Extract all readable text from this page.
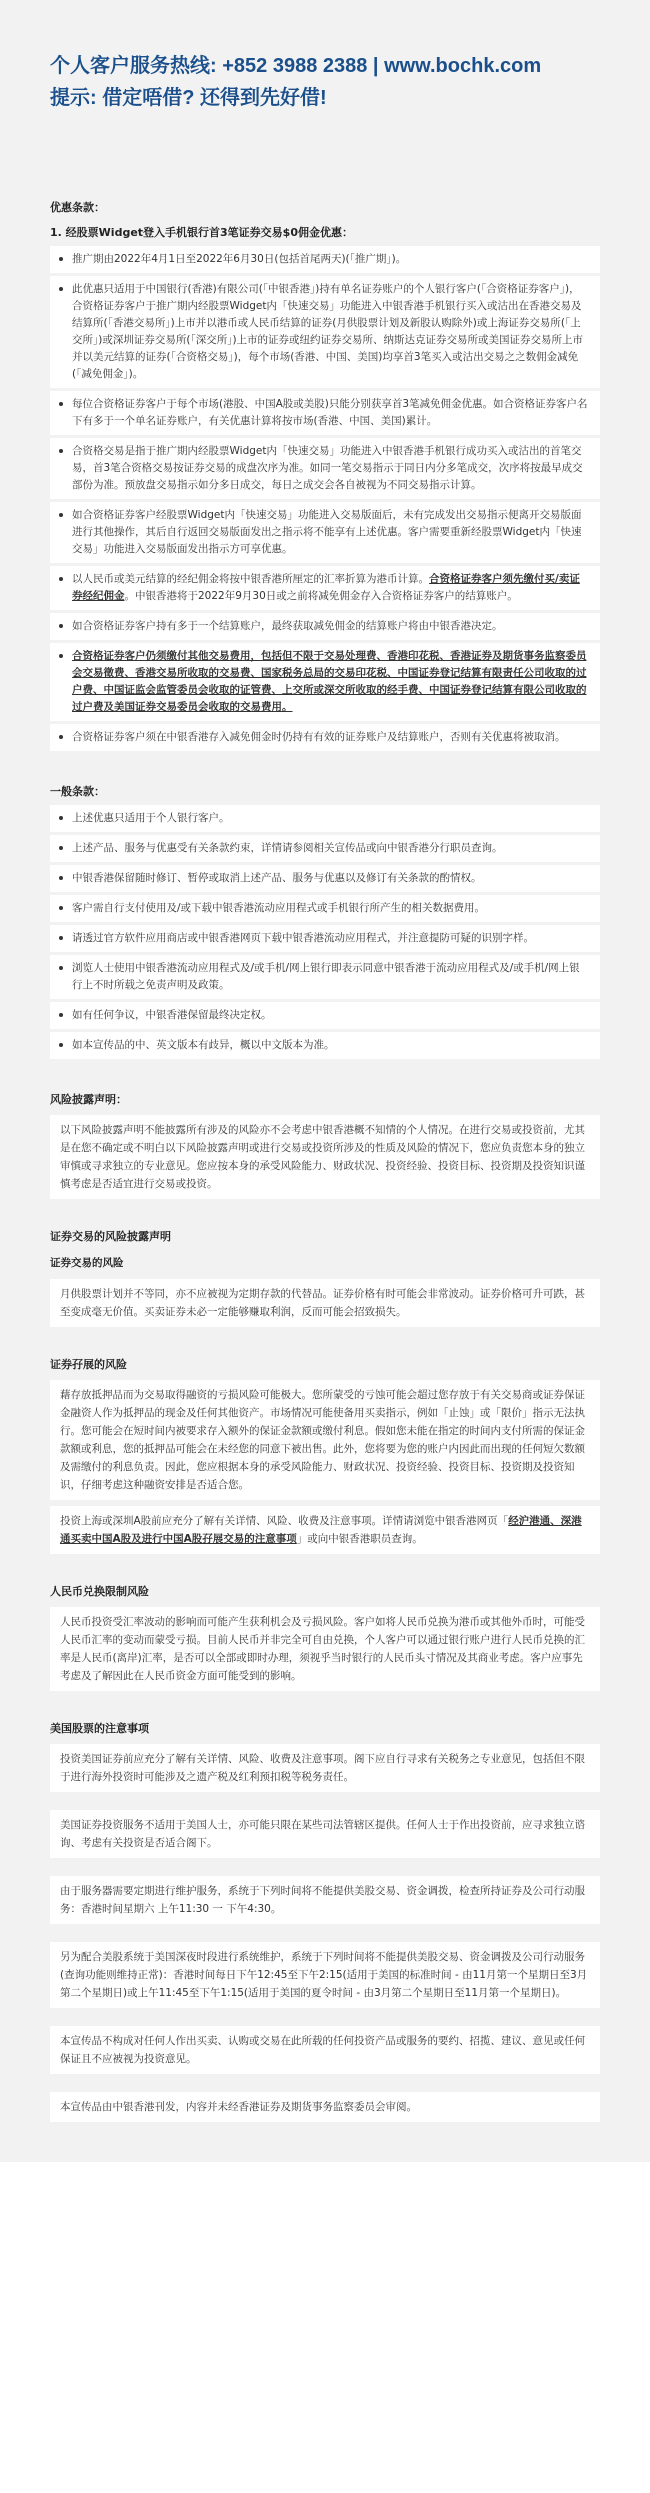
个人客户服务热线: +852 3988 2388 | www.bochk.com

提示: 借定唔借? 还得到先好借!

优惠条款：

1. 经股票Widget登入手机银行首3笔证券交易$0佣金优惠：

推广期由2022年4月1日至2022年6月30日(包括首尾两天)(「推广期」)。
此优惠只适用于中国银行(香港)有限公司(「中银香港」)持有单名证券账户的个人银行客户(「合资格证券客户」)，合资格证券客户于推广期内经股票Widget内「快速交易」功能进入中银香港手机银行买入或沽出在香港交易及结算所(「香港交易所」)上市并以港币或人民币结算的证券(月供股票计划及新股认购除外)或上海证券交易所(「上交所」)或深圳证券交易所(「深交所」)上市的证券或纽约证券交易所、纳斯达克证券交易所或美国证券交易所上市并以美元结算的证券(「合资格交易」)，每个市场(香港、中国、美国)均享首3笔买入或沽出交易之之数佣金减免(「减免佣金」)。
每位合资格证券客户于每个市场(港股、中国A股或美股)只能分别获享首3笔减免佣金优惠。如合资格证券客户名下有多于一个单名证券账户，有关优惠计算将按市场(香港、中国、美国)累计。
合资格交易是指于推广期内经股票Widget内「快速交易」功能进入中银香港手机银行成功买入或沽出的首笔交易，首3笔合资格交易按证券交易的成盘次序为准。如同一笔交易指示于同日内分多笔成交，次序将按最早成交部份为准。预放盘交易指示如分多日成交，每日之成交会各自被视为不同交易指示计算。
如合资格证券客户经股票Widget内「快速交易」功能进入交易版面后，未有完成发出交易指示便离开交易版面进行其他操作，其后自行返回交易版面发出之指示将不能享有上述优惠。客户需要重新经股票Widget内「快速交易」功能进入交易版面发出指示方可享优惠。
以人民币或美元结算的经纪佣金将按中银香港所厘定的汇率折算为港币计算。合资格证券客户须先缴付买/卖证券经纪佣金。中银香港将于2022年9月30日或之前将减免佣金存入合资格证券客户的结算账户。
如合资格证券客户持有多于一个结算账户，最终获取减免佣金的结算账户将由中银香港决定。
合资格证券客户仍须缴付其他交易费用，包括但不限于交易处理费、香港印花税、香港证券及期货事务监察委员会交易徵费、香港交易所收取的交易费、国家税务总局的交易印花税、中国证券登记结算有限责任公司收取的过户费、中国证监会监管委员会收取的证管费、上交所或深交所收取的经手费、中国证券登记结算有限公司收取的过户费及美国证券交易委员会收取的交易费用。
合资格证券客户须在中银香港存入减免佣金时仍持有有效的证券账户及结算账户，否则有关优惠将被取消。

一般条款：

上述优惠只适用于个人银行客户。
上述产品、服务与优惠受有关条款约束，详情请参阅相关宣传品或向中银香港分行职员查询。
中银香港保留随时修订、暂停或取消上述产品、服务与优惠以及修订有关条款的酌情权。
客户需自行支付使用及/或下载中银香港流动应用程式或手机银行所产生的相关数据费用。
请透过官方软件应用商店或中银香港网页下载中银香港流动应用程式，并注意提防可疑的识别字样。
浏览人士使用中银香港流动应用程式及/或手机/网上银行即表示同意中银香港于流动应用程式及/或手机/网上银行上不时所载之免责声明及政策。
如有任何争议，中银香港保留最终决定权。
如本宣传品的中、英文版本有歧异，概以中文版本为准。

风险披露声明：

以下风险披露声明不能披露所有涉及的风险亦不会考虑中银香港概不知情的个人情况。在进行交易或投资前，尤其是在您不确定或不明白以下风险披露声明或进行交易或投资所涉及的性质及风险的情况下，您应负责您本身的独立审慎或寻求独立的专业意见。您应按本身的承受风险能力、财政状况、投资经验、投资目标、投资期及投资知识谨慎考虑是否适宜进行交易或投资。

证券交易的风险披露声明

证券交易的风险

月供股票计划并不等同，亦不应被视为定期存款的代替品。证券价格有时可能会非常波动。证券价格可升可跌，甚至变成毫无价值。买卖证券未必一定能够赚取利润，反而可能会招致损失。

证券孖展的风险

藉存放抵押品而为交易取得融资的亏损风险可能极大。您所蒙受的亏蚀可能会超过您存放于有关交易商或证券保证金融资人作为抵押品的现金及任何其他资产。市场情况可能使备用买卖指示，例如「止蚀」或「限价」指示无法执行。您可能会在短时间内被要求存入额外的保证金款额或缴付利息。假如您未能在指定的时间内支付所需的保证金款额或利息，您的抵押品可能会在未经您的同意下被出售。此外，您将要为您的账户内因此而出现的任何短欠数额及需缴付的利息负责。因此，您应根据本身的承受风险能力、财政状况、投资经验、投资目标、投资期及投资知识，仔细考虑这种融资安排是否适合您。
投资上海或深圳A股前应充分了解有关详情、风险、收费及注意事项。详情请浏览中银香港网页「经沪港通、深港通买卖中国A股及进行中国A股孖展交易的注意事项」或向中银香港职员查询。

人民币兑换限制风险

人民币投资受汇率波动的影响而可能产生获利机会及亏损风险。客户如将人民币兑换为港币或其他外币时，可能受人民币汇率的变动而蒙受亏损。目前人民币并非完全可自由兑换，个人客户可以通过银行账户进行人民币兑换的汇率是人民币(离岸)汇率，是否可以全部或即时办理，须视乎当时银行的人民币头寸情况及其商业考虑。客户应事先考虑及了解因此在人民币资金方面可能受到的影响。

美国股票的注意事项

投资美国证券前应充分了解有关详情、风险、收费及注意事项。阁下应自行寻求有关税务之专业意见，包括但不限于进行海外投资时可能涉及之遗产税及红利预扣税等税务责任。
美国证券投资服务不适用于美国人士，亦可能只限在某些司法管辖区提供。任何人士于作出投资前，应寻求独立谘询、考虑有关投资是否适合阁下。
由于服务器需要定期进行维护服务，系统于下列时间将不能提供美股交易、资金调拨，检查所持证券及公司行动服务：香港时间星期六 上午11:30 一 下午4:30。
另为配合美股系统于美国深夜时段进行系统维护，系统于下列时间将不能提供美股交易、资金调拨及公司行动服务(查询功能则维持正常)：香港时间每日下午12:45至下午2:15(适用于美国的标准时间 - 由11月第一个星期日至3月第二个星期日)或上午11:45至下午1:15(适用于美国的夏令时间 - 由3月第二个星期日至11月第一个星期日)。
本宣传品不构成对任何人作出买卖、认购或交易在此所载的任何投资产品或服务的要约、招揽、建议、意见或任何保证且不应被视为投资意见。
本宣传品由中银香港刊发，内容并未经香港证券及期货事务监察委员会审阅。
